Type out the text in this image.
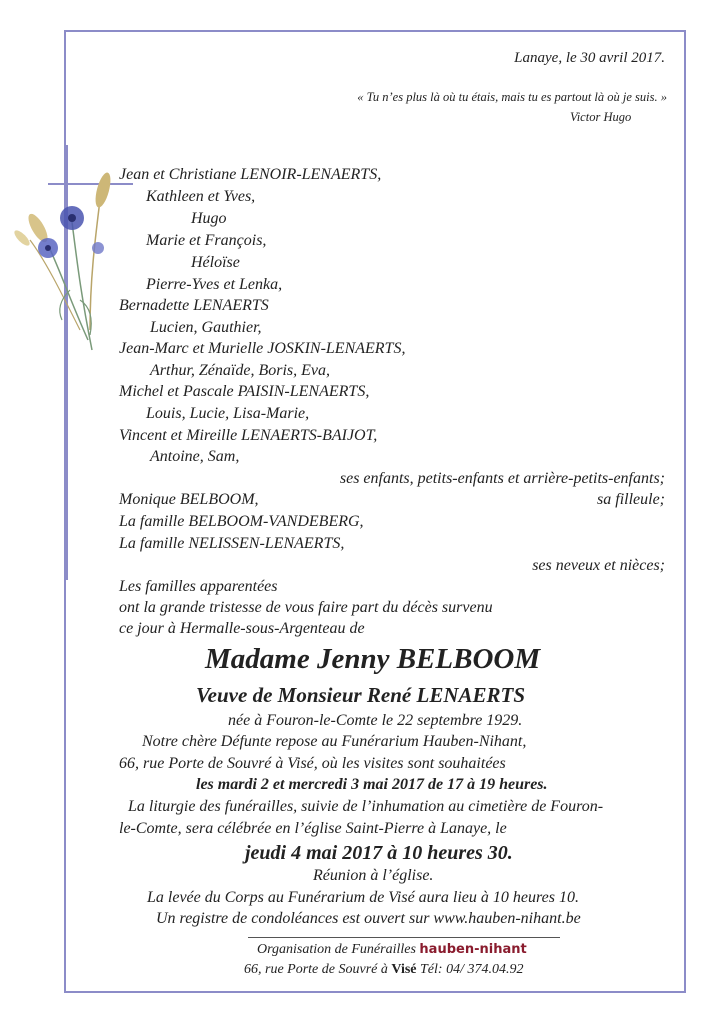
Lanaye, le 30 avril 2017.
« Tu n’es plus là où tu étais, mais tu es partout là où je suis. »
Victor Hugo
Jean et Christiane LENOIR-LENAERTS,
Kathleen et Yves,
Hugo
Marie et François,
Héloïse
Pierre-Yves et Lenka,
Bernadette LENAERTS
Lucien, Gauthier,
Jean-Marc et Murielle JOSKIN-LENAERTS,
Arthur, Zénaïde, Boris, Eva,
Michel et Pascale PAISIN-LENAERTS,
Louis, Lucie, Lisa-Marie,
Vincent et Mireille LENAERTS-BAIJOT,
Antoine, Sam,
ses enfants, petits-enfants et arrière-petits-enfants;
Monique BELBOOM,	sa filleule;
La famille BELBOOM-VANDEBERG,
La famille NELISSEN-LENAERTS,
ses neveux et nièces;
Les familles apparentées
ont la grande tristesse de vous faire part du décès survenu
ce jour à Hermalle-sous-Argenteau de
Madame Jenny BELBOOM
Veuve de Monsieur René LENAERTS
née à Fouron-le-Comte le 22 septembre 1929.
Notre chère Défunte repose au Funérarium Hauben-Nihant,
66, rue Porte de Souvré à Visé, où les visites sont souhaitées
les mardi 2 et mercredi 3 mai 2017 de 17 à 19 heures.
La liturgie des funérailles, suivie de l’inhumation au cimetière de Fouron-
le-Comte, sera célébrée en l’église Saint-Pierre à Lanaye, le
jeudi 4 mai 2017 à 10 heures 30.
Réunion à l’église.
La levée du Corps au Funérarium de Visé aura lieu à 10 heures 10.
Un registre de condoléances est ouvert sur www.hauben-nihant.be
Organisation de Funérailles hauben-nihant
66, rue Porte de Souvré à Visé Tél: 04/ 374.04.92
